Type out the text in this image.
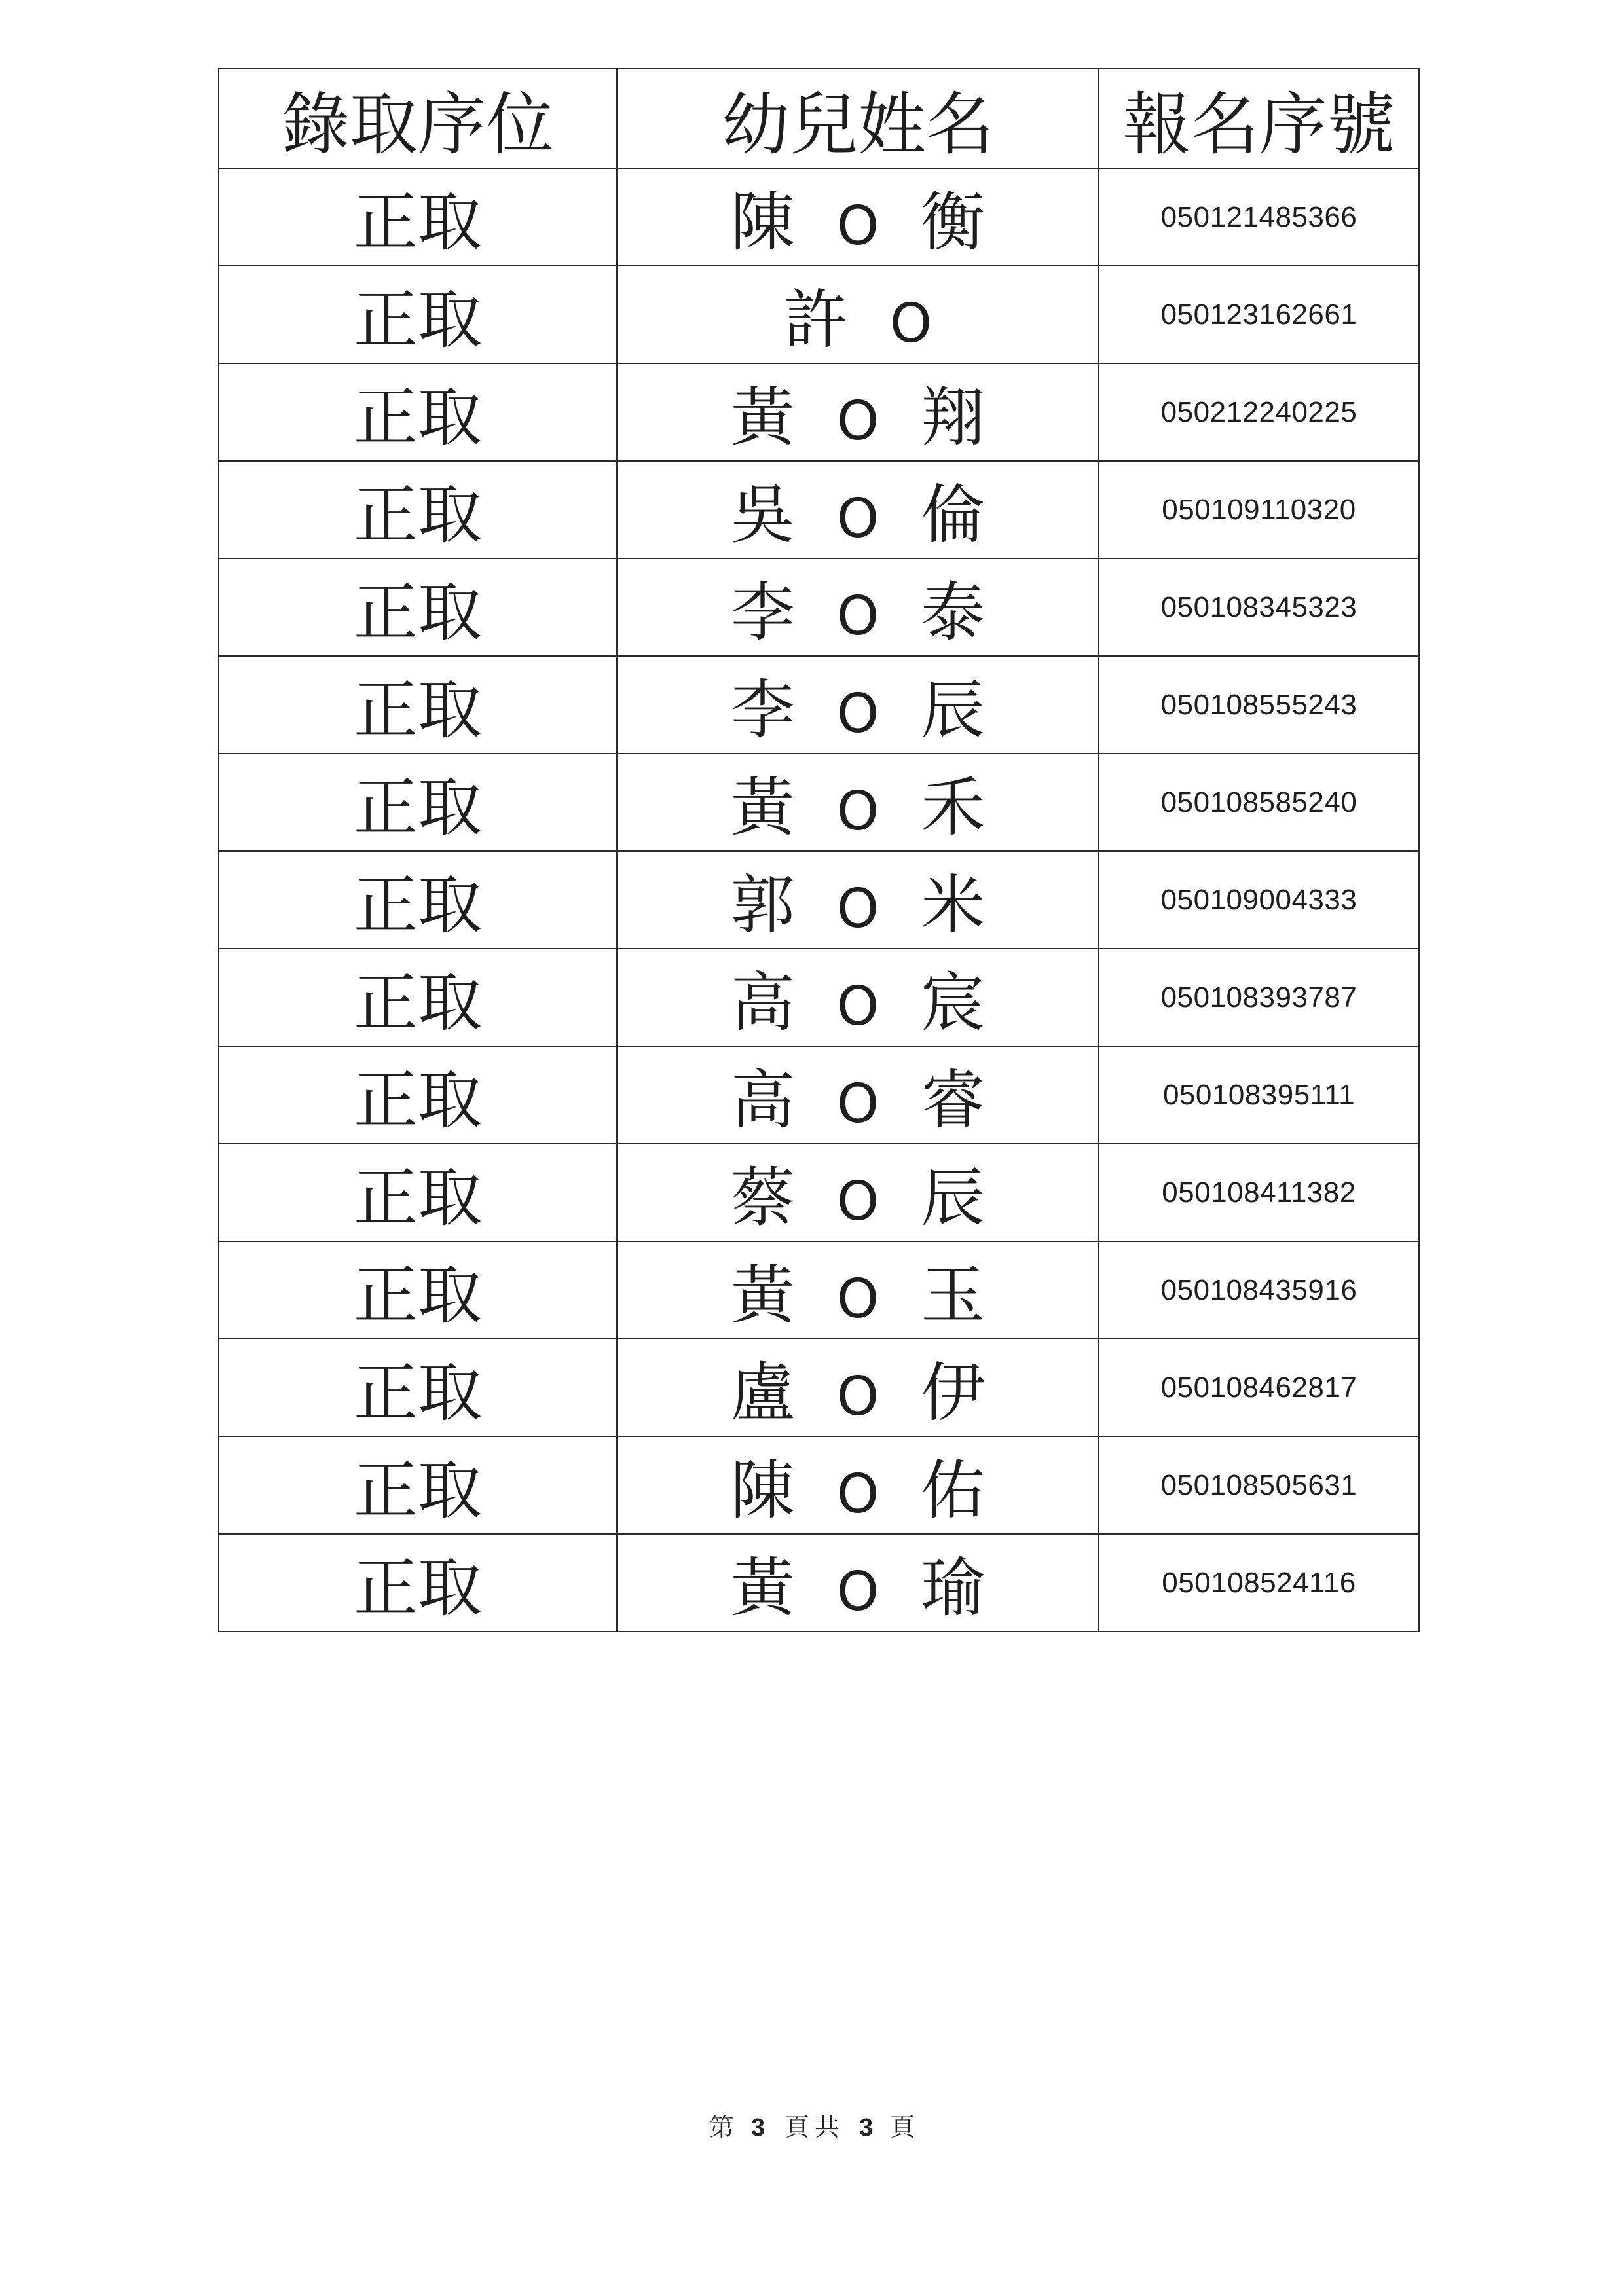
錄取序位	幼兒姓名	報名序號
正取	陳 O 衡	050121485366
正取	許 O	050123162661
正取	黃 O 翔	050212240225
正取	吳 O 倫	050109110320
正取	李 O 泰	050108345323
正取	李 O 辰	050108555243
正取	黃 O 禾	050108585240
正取	郭 O 米	050109004333
正取	高 O 宸	050108393787
正取	高 O 睿	050108395111
正取	蔡 O 辰	050108411382
正取	黃 O 玉	050108435916
正取	盧 O 伊	050108462817
正取	陳 O 佑	050108505631
正取	黃 O 瑜	050108524116
第 3 頁 共 3 頁
